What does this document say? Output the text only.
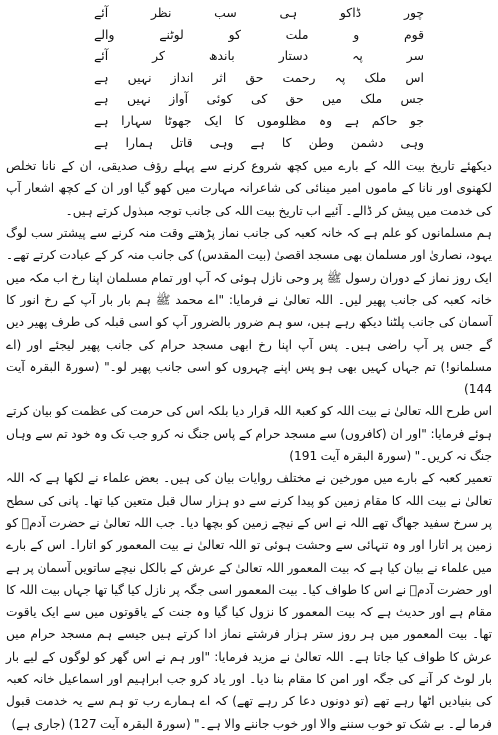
چور ڈاکو ہی سب نظر آئے
قوم و ملت کو لوٹنے والے
سر پہ دستار باندھ کر آئے
اس ملک پہ رحمت حق اثر انداز نہیں ہے
جس ملک میں حق کی کوئی آواز نہیں ہے
جو حاکم ہے وہ مظلوموں کا ایک جھوٹا سہارا ہے
وہی دشمن وطن کا ہے وہی قاتل ہمارا ہے

دیکھئے تاریخ بیت اللہ کے بارے میں کچھ شروع کرنے سے پہلے رؤف صدیقی، ان کے نانا تخلص لکھنوی اور نانا کے ماموں امیر مینائی کی شاعرانہ مہارت میں کھو گیا اور ان کے کچھ اشعار آپ کی خدمت میں پیش کر ڈالے۔ آئیے اب تاریخ بیت اللہ کی جانب توجہ مبذول کرتے ہیں۔

ہم مسلمانوں کو علم ہے کہ خانہ کعبہ کی جانب نماز پڑھتے وقت منہ کرنے سے پیشتر سب لوگ یہود، نصاریٰ اور مسلمان بھی مسجد اقصیٰ (بیت المقدس) کی جانب منہ کر کے عبادت کرتے تھے۔ ایک روز نماز کے دوران رسول ﷺ پر وحی نازل ہوئی کہ آپ اور تمام مسلمان اپنا رخ اب مکہ میں خانہ کعبہ کی جانب پھیر لیں۔ اللہ تعالیٰ نے فرمایا: "اے محمد ﷺ ہم بار بار آپ کے رخ انور کا آسمان کی جانب پلٹنا دیکھ رہے ہیں، سو ہم ضرور بالضرور آپ کو اسی قبلہ کی طرف پھیر دیں گے جس پر آپ راضی ہیں۔ پس آپ اپنا رخ ابھی مسجد حرام کی جانب پھیر لیجئے اور (اے مسلمانو!) تم جہاں کہیں بھی ہو پس اپنے چہروں کو اسی جانب پھیر لو۔" (سورۃ البقرہ آیت 144)

اس طرح اللہ تعالیٰ نے بیت اللہ کو کعبۃ اللہ قرار دیا بلکہ اس کی حرمت کی عظمت کو بیان کرتے ہوئے فرمایا: "اور ان (کافروں) سے مسجد حرام کے پاس جنگ نہ کرو جب تک وہ خود تم سے وہاں جنگ نہ کریں۔" (سورۃ البقرہ آیت 191)

تعمیر کعبہ کے بارے میں مورخین نے مختلف روایات بیان کی ہیں۔ بعض علماء نے لکھا ہے کہ اللہ تعالیٰ نے بیت اللہ کا مقام زمین کو پیدا کرنے سے دو ہزار سال قبل متعین کیا تھا۔ پانی کی سطح پر سرخ سفید جھاگ تھے اللہ نے اس کے نیچے زمین کو بچھا دیا۔ جب اللہ تعالیٰ نے حضرت آدمؑ کو زمین پر اتارا اور وہ تنہائی سے وحشت ہوئی تو اللہ تعالیٰ نے بیت المعمور کو اتارا۔ اس کے بارے میں علماء نے بیان کیا ہے کہ بیت المعمور اللہ تعالیٰ کے عرش کے بالکل نیچے ساتویں آسمان پر ہے اور حضرت آدمؑ نے اس کا طواف کیا۔ بیت المعمور اسی جگہ پر نازل کیا گیا تھا جہاں بیت اللہ کا مقام ہے اور حدیث ہے کہ بیت المعمور کا نزول کیا گیا وہ جنت کے یاقوتوں میں سے ایک یاقوت تھا۔ بیت المعمور میں ہر روز ستر ہزار فرشتے نماز ادا کرتے ہیں جیسے ہم مسجد حرام میں عرش کا طواف کیا جاتا ہے۔ اللہ تعالیٰ نے مزید فرمایا: "اور ہم نے اس گھر کو لوگوں کے لیے بار بار لوٹ کر آنے کی جگہ اور امن کا مقام بنا دیا۔ اور یاد کرو جب ابراہیم اور اسماعیل خانہ کعبہ کی بنیادیں اٹھا رہے تھے (تو دونوں دعا کر رہے تھے) کہ اے ہمارے رب تو ہم سے یہ خدمت قبول فرما لے۔ بے شک تو خوب سننے والا اور خوب جاننے والا ہے۔" (سورۃ البقرہ آیت 127) (جاری ہے)
